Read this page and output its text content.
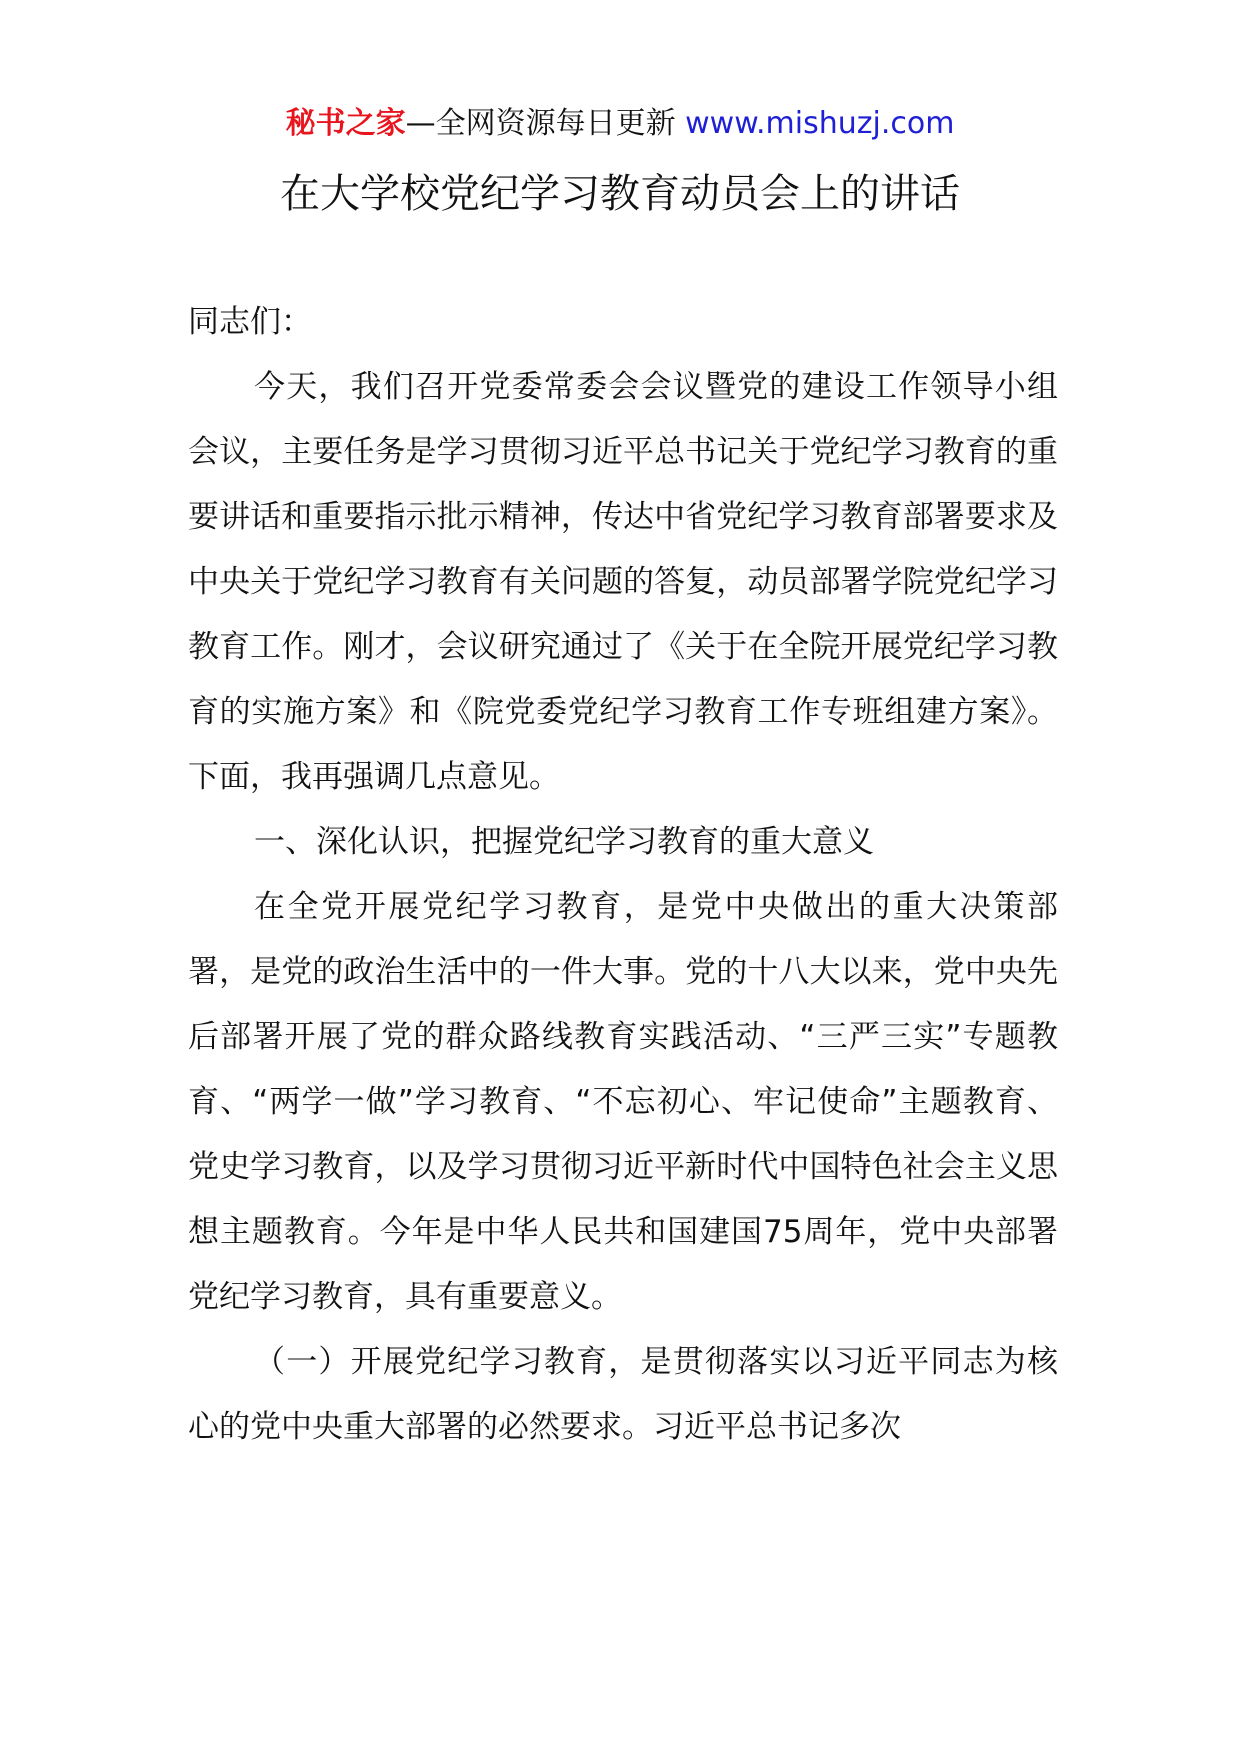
秘书之家—全网资源每日更新 www.mishuzj.com
在大学校党纪学习教育动员会上的讲话

同志们：

今天，我们召开党委常委会会议暨党的建设工作领导小组会议，主要任务是学习贯彻习近平总书记关于党纪学习教育的重要讲话和重要指示批示精神，传达中省党纪学习教育部署要求及中央关于党纪学习教育有关问题的答复，动员部署学院党纪学习教育工作。刚才，会议研究通过了《关于在全院开展党纪学习教育的实施方案》和《院党委党纪学习教育工作专班组建方案》。下面，我再强调几点意见。

一、深化认识，把握党纪学习教育的重大意义

在全党开展党纪学习教育，是党中央做出的重大决策部署，是党的政治生活中的一件大事。党的十八大以来，党中央先后部署开展了党的群众路线教育实践活动、“三严三实”专题教育、“两学一做”学习教育、“不忘初心、牢记使命”主题教育、党史学习教育，以及学习贯彻习近平新时代中国特色社会主义思想主题教育。今年是中华人民共和国建国75周年，党中央部署党纪学习教育，具有重要意义。

（一）开展党纪学习教育，是贯彻落实以习近平同志为核心的党中央重大部署的必然要求。习近平总书记多次
